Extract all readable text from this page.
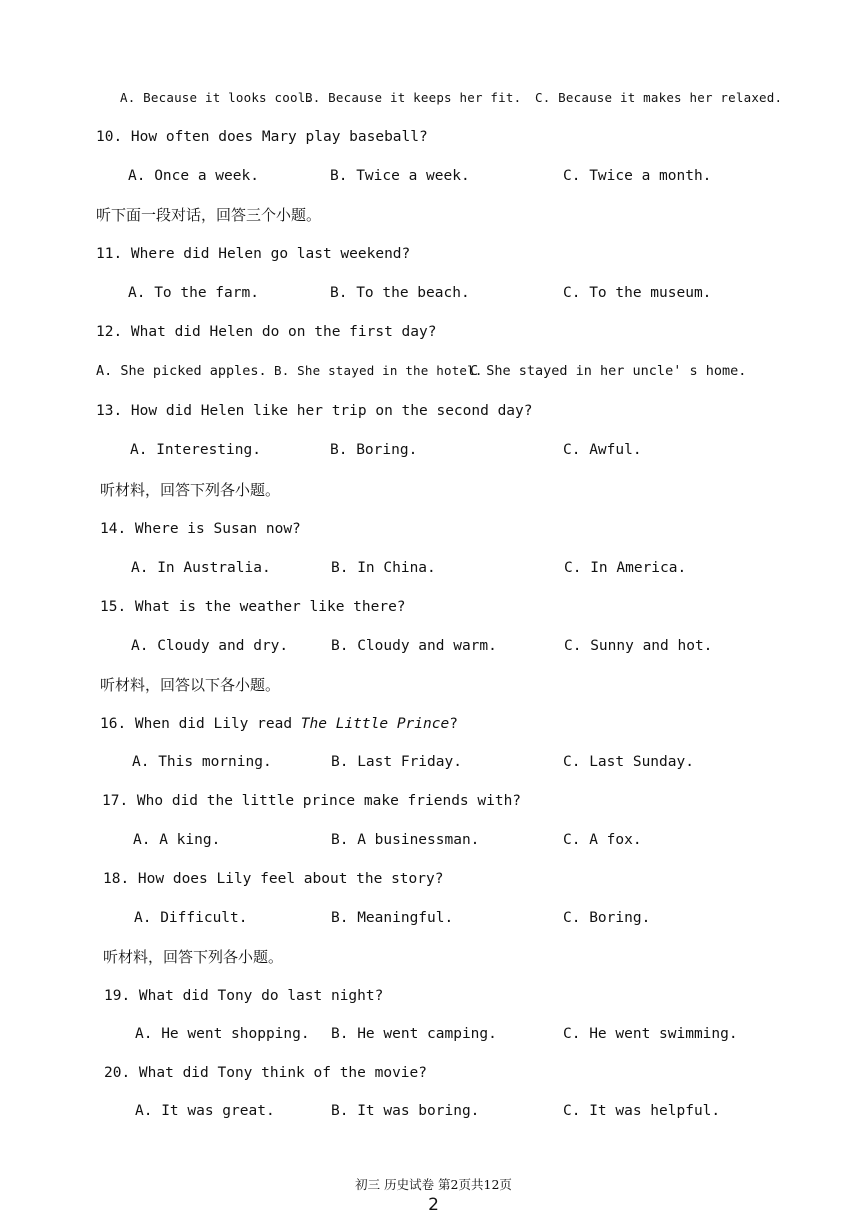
A. Because it looks cool.
B. Because it keeps her fit. C. Because it makes her relaxed.
10. How often does Mary play baseball?
A. Once a week.	B. Twice a week.	C. Twice a month.
听下面一段对话，回答三个小题。
11. Where did Helen go last weekend?
A. To the farm.	B. To the beach.	C. To the museum.
12. What did Helen do on the first day?
A. She picked apples. B. She stayed in the hotel.
C She stayed in her uncle' s home.
13. How did Helen like her trip on the second day?
A. Interesting.	B. Boring.	C. Awful.
听材料，回答下列各小题。
14. Where is Susan now?
A. In Australia.	B. In China.	C. In America.
15. What is the weather like there?
A. Cloudy and dry.	B. Cloudy and warm.	C. Sunny and hot.
听材料，回答以下各小题。
16. When did Lily read The Little Prince?
A. This morning.	B. Last Friday.	C. Last Sunday.
17. Who did the little prince make friends with?
A. A king.	B. A businessman.	C. A fox.
18. How does Lily feel about the story?
A. Difficult.	B. Meaningful.	C. Boring.
听材料，回答下列各小题。
19. What did Tony do last night?
A. He went shopping. B. He went camping.	C. He went swimming.
20. What did Tony think of the movie?
A. It was great.	B. It was boring.	C. It was helpful.
初三 历史试卷 第2页共12页
2
